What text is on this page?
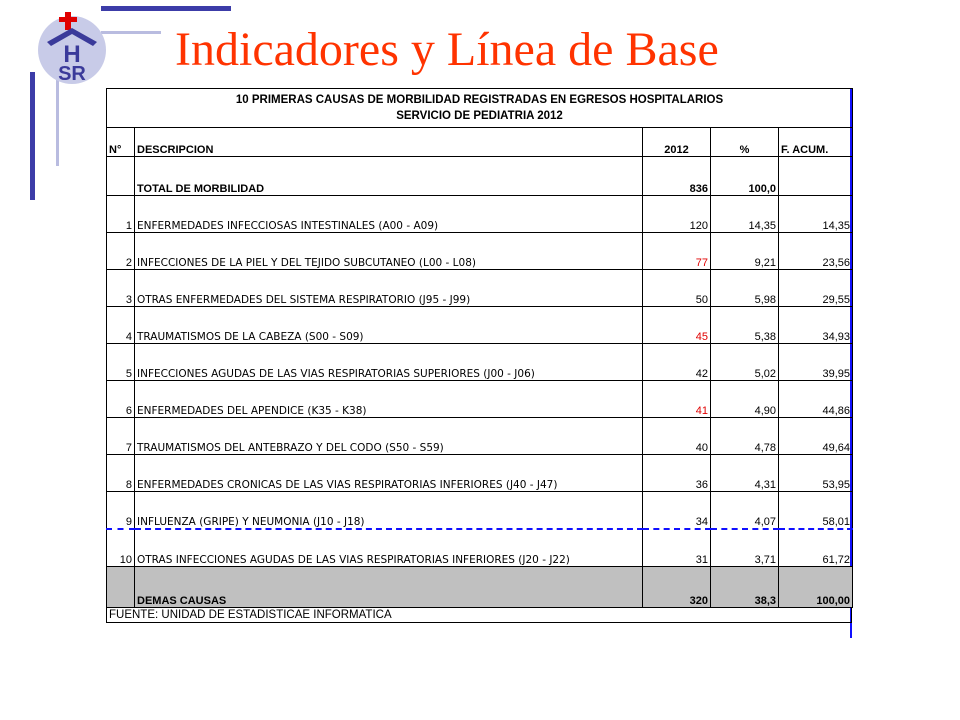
H
SR Indicadores y Línea de Base
10 PRIMERAS CAUSAS DE MORBILIDAD REGISTRADAS EN EGRESOS HOSPITALARIOS
SERVICIO DE PEDIATRIA 2012				

N°	DESCRIPCION	2012	%	F. ACUM.
	TOTAL DE MORBILIDAD	836	100,0	
1	ENFERMEDADES INFECCIOSAS INTESTINALES (A00 - A09)	120	14,35	14,35
2	INFECCIONES DE LA PIEL Y DEL TEJIDO SUBCUTANEO (L00 - L08)	77	9,21	23,56
3	OTRAS ENFERMEDADES DEL SISTEMA RESPIRATORIO (J95 - J99)	50	5,98	29,55
4	TRAUMATISMOS DE LA CABEZA (S00 - S09)	45	5,38	34,93
5	INFECCIONES AGUDAS DE LAS VIAS RESPIRATORIAS SUPERIORES (J00 - J06)	42	5,02	39,95
6	ENFERMEDADES DEL APENDICE (K35 - K38)	41	4,90	44,86
7	TRAUMATISMOS DEL ANTEBRAZO Y DEL CODO (S50 - S59)	40	4,78	49,64
8	ENFERMEDADES CRONICAS DE LAS VIAS RESPIRATORIAS INFERIORES (J40 - J47)	36	4,31	53,95
9	INFLUENZA (GRIPE) Y NEUMONIA (J10 - J18)	34	4,07	58,01
10	OTRAS INFECCIONES AGUDAS DE LAS VIAS RESPIRATORIAS INFERIORES (J20 - J22)	31	3,71	61,72
	DEMAS CAUSAS	320	38,3	100,00
FUENTE: UNIDAD DE ESTADISTICAE INFORMATICA
